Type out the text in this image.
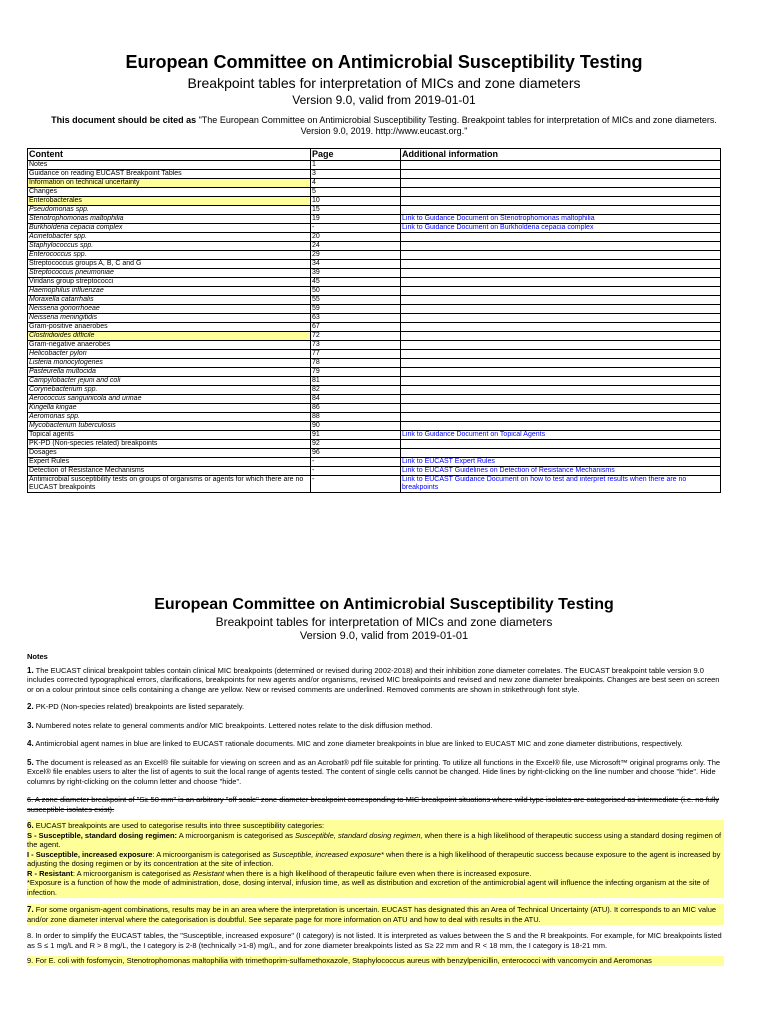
European Committee on Antimicrobial Susceptibility Testing
Breakpoint tables for interpretation of MICs and zone diameters
Version 9.0, valid from 2019-01-01
This document should be cited as "The European Committee on Antimicrobial Susceptibility Testing. Breakpoint tables for interpretation of MICs and zone diameters.
Version 9.0, 2019. http://www.eucast.org."
Content	Page	Additional information
Notes	1	
Guidance on reading EUCAST Breakpoint Tables	3	
Information on technical uncertainty	4	
Changes	5	
Enterobacterales	10	
Pseudomonas spp.	15	
Stenotrophomonas maltophilia	19	Link to Guidance Document on Stenotrophomonas maltophilia
Burkholderia cepacia complex	-	Link to Guidance Document on Burkholderia cepacia complex
Acinetobacter spp.	20	
Staphylococcus spp.	24	
Enterococcus spp.	29	
Streptococcus groups A, B, C and G	34	
Streptococcus pneumoniae	39	
Viridans group streptococci	45	
Haemophilus influenzae	50	
Moraxella catarrhalis	55	
Neisseria gonorrhoeae	59	
Neisseria meningitidis	63	
Gram-positive anaerobes	67	
Clostridioides difficile	72	
Gram-negative anaerobes	73	
Helicobacter pylori	77	
Listeria monocytogenes	78	
Pasteurella multocida	79	
Campylobacter jejuni and coli	81	
Corynebacterium spp.	82	
Aerococcus sanguinicola and urinae	84	
Kingella kingae	86	
Aeromonas spp.	88	
Mycobacterium tuberculosis	90	
Topical agents	91	Link to Guidance Document on Topical Agents
PK-PD (Non-species related) breakpoints	92	
Dosages	96	
Expert Rules	-	Link to EUCAST Expert Rules
Detection of Resistance Mechanisms	-	Link to EUCAST Guidelines on Detection of Resistance Mechanisms
Antimicrobial susceptibility tests on groups of organisms or agents for which there are no EUCAST breakpoints	-	Link to EUCAST Guidance Document on how to test and interpret results when there are no breakpoints
European Committee on Antimicrobial Susceptibility Testing
Breakpoint tables for interpretation of MICs and zone diameters
Version 9.0, valid from 2019-01-01
Notes

1. The EUCAST clinical breakpoint tables contain clinical MIC breakpoints (determined or revised during 2002-2018) and their inhibition zone diameter correlates. The EUCAST breakpoint table version 9.0 includes corrected typographical errors, clarifications, breakpoints for new agents and/or organisms, revised MIC breakpoints and revised and new zone diameter breakpoints. Changes are best seen on screen or on a colour printout since cells containing a change are yellow. New or revised comments are underlined. Removed comments are shown in strikethrough font style.

2. PK-PD (Non-species related) breakpoints are listed separately.

3. Numbered notes relate to general comments and/or MIC breakpoints. Lettered notes relate to the disk diffusion method.

4. Antimicrobial agent names in blue are linked to EUCAST rationale documents. MIC and zone diameter breakpoints in blue are linked to EUCAST MIC and zone diameter distributions, respectively.

5. The document is released as an Excel® file suitable for viewing on screen and as an Acrobat® pdf file suitable for printing. To utilize all functions in the Excel® file, use Microsoft™ original programs only. The Excel® file enables users to alter the list of agents to suit the local range of agents tested. The content of single cells cannot be changed. Hide lines by right-clicking on the line number and choose "hide". Hide columns by right-clicking on the column letter and choose "hide".

6. A zone diameter breakpoint of "S≥ 50 mm" is an arbitrary "off scale" zone diameter breakpoint corresponding to MIC breakpoint situations where wild type isolates are categorised as intermediate (i.e. no fully susceptible isolates exist).

6. EUCAST breakpoints are used to categorise results into three susceptibility categories:

S - Susceptible, standard dosing regimen: A microorganism is categorised as Susceptible, standard dosing regimen, when there is a high likelihood of therapeutic success using a standard dosing regimen of the agent.

I - Susceptible, increased exposure: A microorganism is categorised as Susceptible, increased exposure* when there is a high likelihood of therapeutic success because exposure to the agent is increased by adjusting the dosing regimen or by its concentration at the site of infection.

R - Resistant: A microorganism is categorised as Resistant when there is a high likelihood of therapeutic failure even when there is increased exposure.

*Exposure is a function of how the mode of administration, dose, dosing interval, infusion time, as well as distribution and excretion of the antimicrobial agent will influence the infecting organism at the site of infection.

7. For some organism-agent combinations, results may be in an area where the interpretation is uncertain. EUCAST has designated this an Area of Technical Uncertainty (ATU). It corresponds to an MIC value and/or zone diameter interval where the categorisation is doubtful. See separate page for more information on ATU and how to deal with results in the ATU.

8. In order to simplify the EUCAST tables, the "Susceptible, increased exposure" (I category) is not listed. It is interpreted as values between the S and the R breakpoints. For example, for MIC breakpoints listed as S ≤ 1 mg/L and R > 8 mg/L, the I category is 2-8 (technically >1-8) mg/L, and for zone diameter breakpoints listed as S≥ 22 mm and R < 18 mm, the I category is 18-21 mm.

9. For E. coli with fosfomycin, Stenotrophomonas maltophilia with trimethoprim-sulfamethoxazole, Staphylococcus aureus with benzylpenicillin, enterococci with vancomycin and Aeromonas
